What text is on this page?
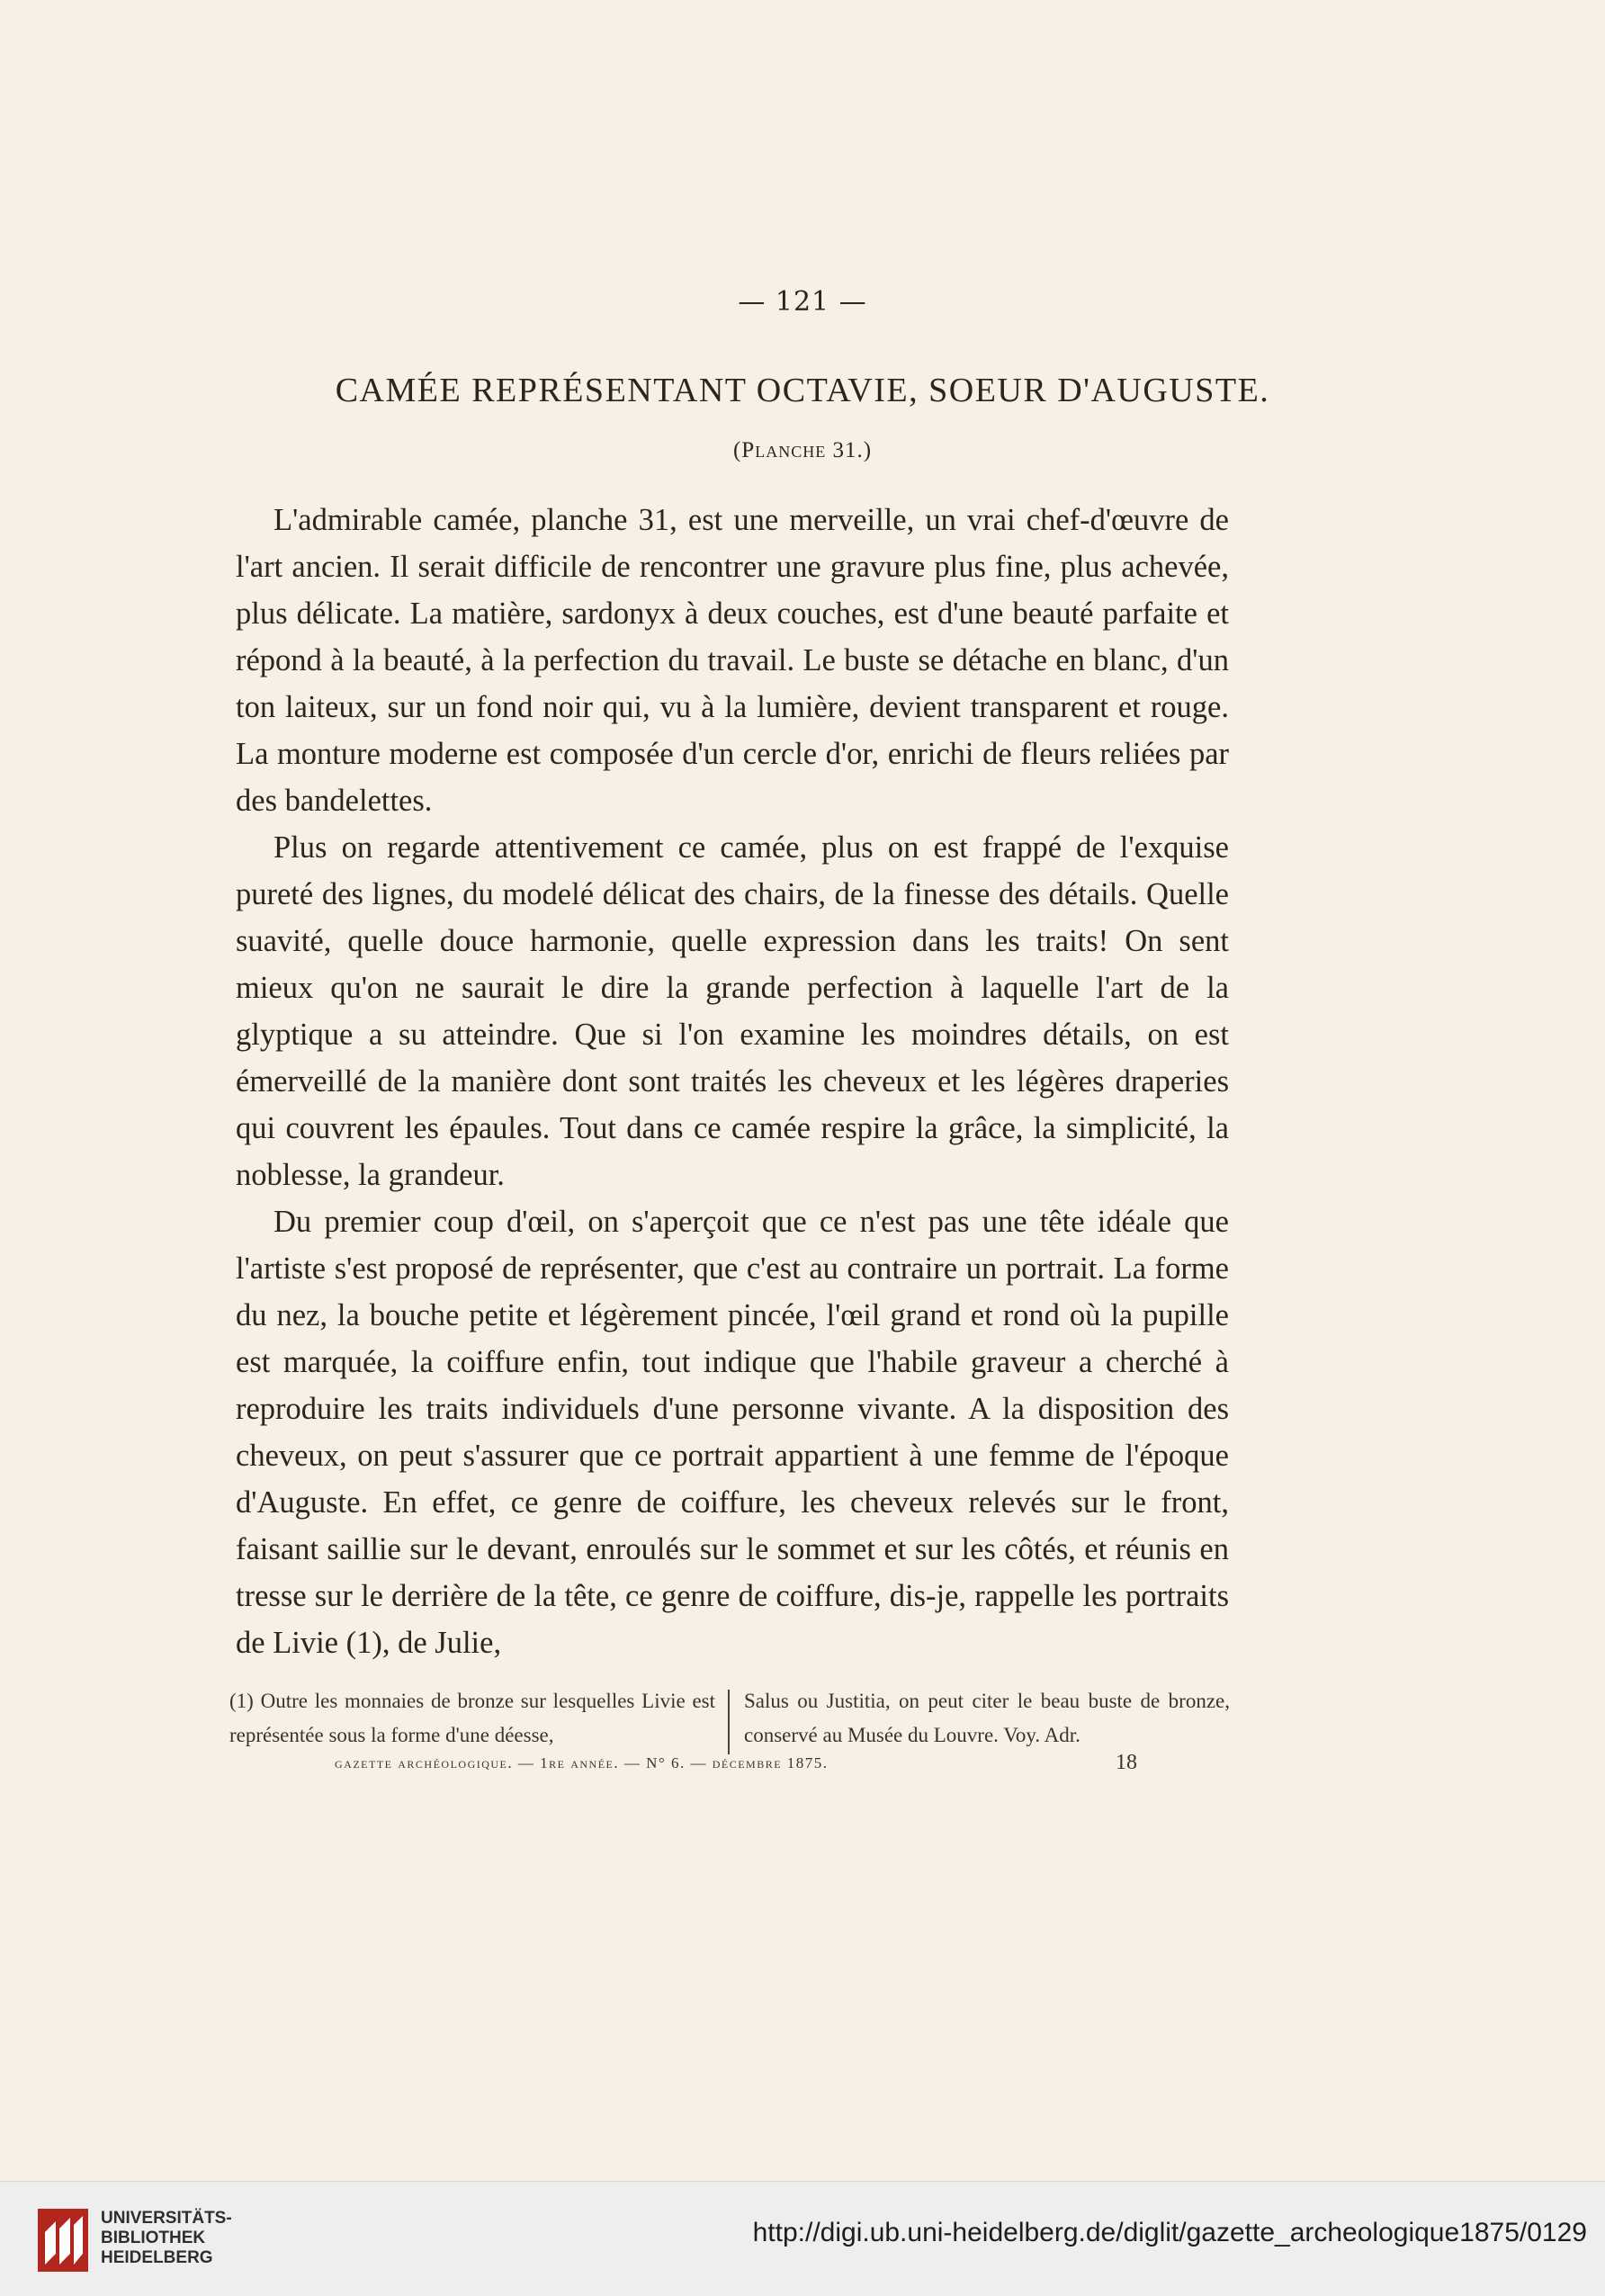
— 121 —
CAMÉE REPRÉSENTANT OCTAVIE, SOEUR D'AUGUSTE.
(Planche 31.)

L'admirable camée, planche 31, est une merveille, un vrai chef-d'œuvre de l'art ancien. Il serait difficile de rencontrer une gravure plus fine, plus achevée, plus délicate. La matière, sardonyx à deux couches, est d'une beauté parfaite et répond à la beauté, à la perfection du travail. Le buste se détache en blanc, d'un ton laiteux, sur un fond noir qui, vu à la lumière, devient transparent et rouge. La monture moderne est composée d'un cercle d'or, enrichi de fleurs reliées par des bandelettes.

Plus on regarde attentivement ce camée, plus on est frappé de l'exquise pureté des lignes, du modelé délicat des chairs, de la finesse des détails. Quelle suavité, quelle douce harmonie, quelle expression dans les traits! On sent mieux qu'on ne saurait le dire la grande perfection à laquelle l'art de la glyptique a su atteindre. Que si l'on examine les moindres détails, on est émerveillé de la manière dont sont traités les cheveux et les légères draperies qui couvrent les épaules. Tout dans ce camée respire la grâce, la simplicité, la noblesse, la grandeur.

Du premier coup d'œil, on s'aperçoit que ce n'est pas une tête idéale que l'artiste s'est proposé de représenter, que c'est au contraire un portrait. La forme du nez, la bouche petite et légèrement pincée, l'œil grand et rond où la pupille est marquée, la coiffure enfin, tout indique que l'habile graveur a cherché à reproduire les traits individuels d'une personne vivante. A la disposition des cheveux, on peut s'assurer que ce portrait appartient à une femme de l'époque d'Auguste. En effet, ce genre de coiffure, les cheveux relevés sur le front, faisant saillie sur le devant, enroulés sur le sommet et sur les côtés, et réunis en tresse sur le derrière de la tête, ce genre de coiffure, dis-je, rappelle les portraits de Livie (1), de Julie,

(1) Outre les monnaies de bronze sur lesquelles Livie est représentée sous la forme d'une déesse,
Salus ou Justitia, on peut citer le beau buste de bronze, conservé au Musée du Louvre. Voy. Adr.
gazette archéologique. — 1re année. — N° 6. — décembre 1875.	18
UNIVERSITÄTS-
BIBLIOTHEK
HEIDELBERG
http://digi.ub.uni-heidelberg.de/diglit/gazette_archeologique1875/0129
